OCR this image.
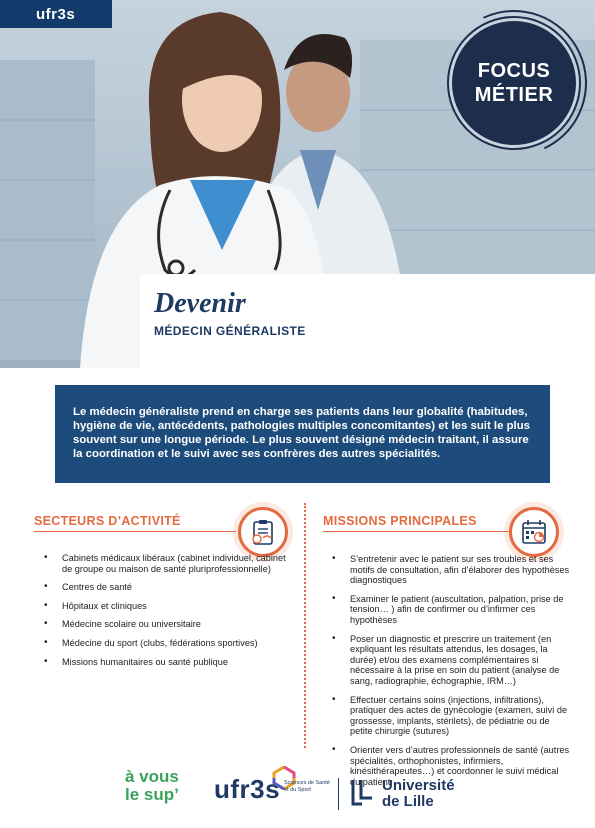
ufr3s
FOCUS
MÉTIER
Devenir
MÉDECIN GÉNÉRALISTE
Le médecin généraliste prend en charge ses patients dans leur globalité (habitudes, hygiène de vie, antécédents, pathologies multiples concomitantes) et les suit le plus souvent sur une longue période. Le plus souvent désigné médecin traitant, il assure la coordination et le suivi avec ses confrères des autres spécialités.
SECTEURS D’ACTIVITÉ
• Cabinets médicaux libéraux (cabinet individuel, cabinet de groupe ou maison de santé pluriprofessionnelle)
• Centres de santé
• Hôpitaux et cliniques
• Médecine scolaire ou universitaire
• Médecine du sport (clubs, fédérations sportives)
• Missions humanitaires ou santé publique
MISSIONS PRINCIPALES
• S’entretenir avec le patient sur ses troubles et ses motifs de consultation, afin d’élaborer des hypothèses diagnostiques
• Examiner le patient (auscultation, palpation, prise de tension… ) afin de confirmer ou d’infirmer ces hypothèses
• Poser un diagnostic et prescrire un traitement (en expliquant les résultats attendus, les dosages, la durée) et/ou des examens complémentaires si nécessaire à la prise en soin du patient (analyse de sang, radiographie, échographie, IRM…)
• Effectuer certains soins (injections, infiltrations), pratiquer des actes de gynécologie (examen, suivi de grossesse, implants, stérilets), de pédiatrie ou de petite chirurgie (sutures)
• Orienter vers d’autres professionnels de santé (autres spécialités, orthophonistes, infirmiers, kinésithérapeutes…) et coordonner le suivi médical du patient
à vous
le sup’ ufr3s Sciences de Santé
et du Sport	Université
de Lille
